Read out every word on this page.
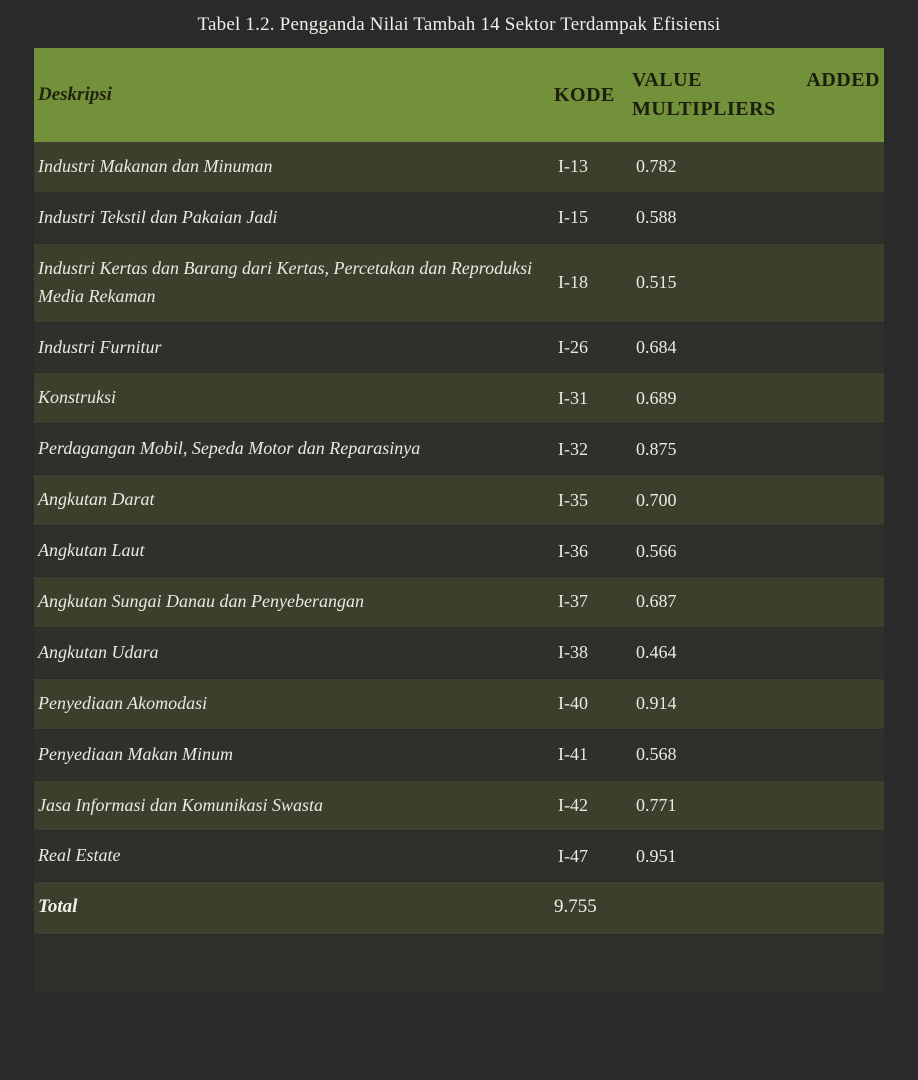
Tabel 1.2. Pengganda Nilai Tambah 14 Sektor Terdampak Efisiensi
Deskripsi	KODE	VALUE ADDED
MULTIPLIERS

Industri Makanan dan Minuman	I-13	0.782
Industri Tekstil dan Pakaian Jadi	I-15	0.588
Industri Kertas dan Barang dari Kertas, Percetakan dan Reproduksi Media Rekaman	I-18	0.515
Industri Furnitur	I-26	0.684
Konstruksi	I-31	0.689
Perdagangan Mobil, Sepeda Motor dan Reparasinya	I-32	0.875
Angkutan Darat	I-35	0.700
Angkutan Laut	I-36	0.566
Angkutan Sungai Danau dan Penyeberangan	I-37	0.687
Angkutan Udara	I-38	0.464
Penyediaan Akomodasi	I-40	0.914
Penyediaan Makan Minum	I-41	0.568
Jasa Informasi dan Komunikasi Swasta	I-42	0.771
Real Estate	I-47	0.951
Total	9.755	
